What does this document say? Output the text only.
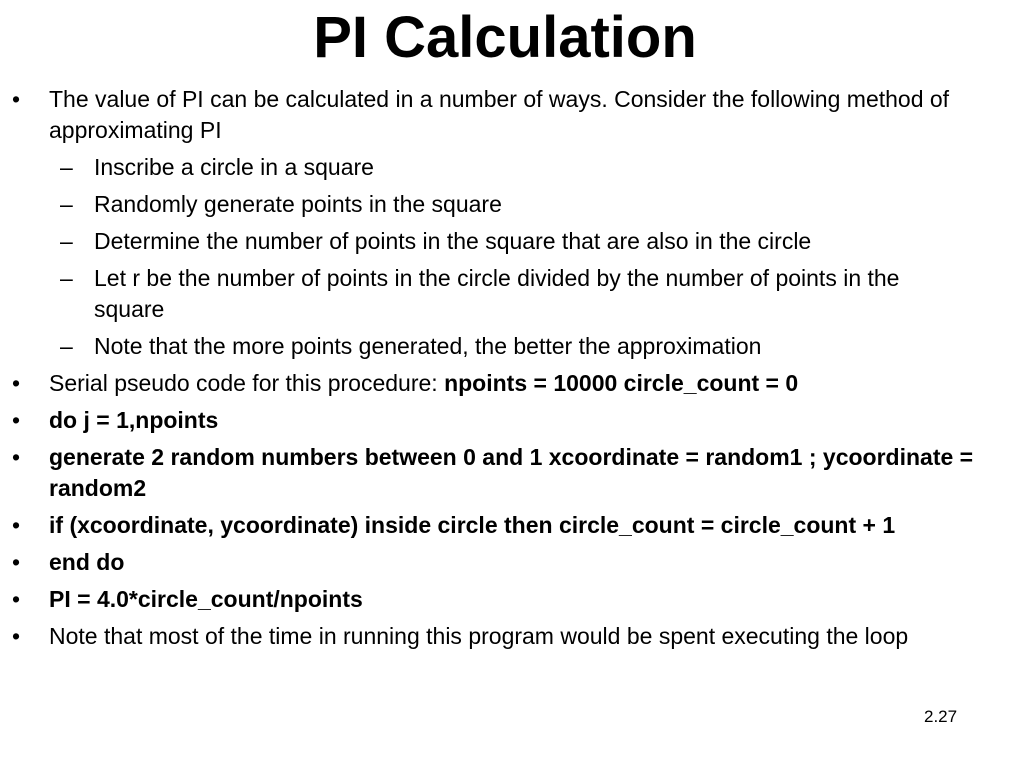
PI Calculation
• The value of PI can be calculated in a number of ways. Consider the following method of approximating PI
– Inscribe a circle in a square
– Randomly generate points in the square
– Determine the number of points in the square that are also in the circle
– Let r be the number of points in the circle divided by the number of points in the square
– Note that the more points generated, the better the approximation
• Serial pseudo code for this procedure: npoints = 10000 circle_count = 0
• do j = 1,npoints
• generate 2 random numbers between 0 and 1 xcoordinate = random1 ; ycoordinate = random2
• if (xcoordinate, ycoordinate) inside circle then circle_count = circle_count + 1
• end do
• PI = 4.0*circle_count/npoints
• Note that most of the time in running this program would be spent executing the loop
2.27
